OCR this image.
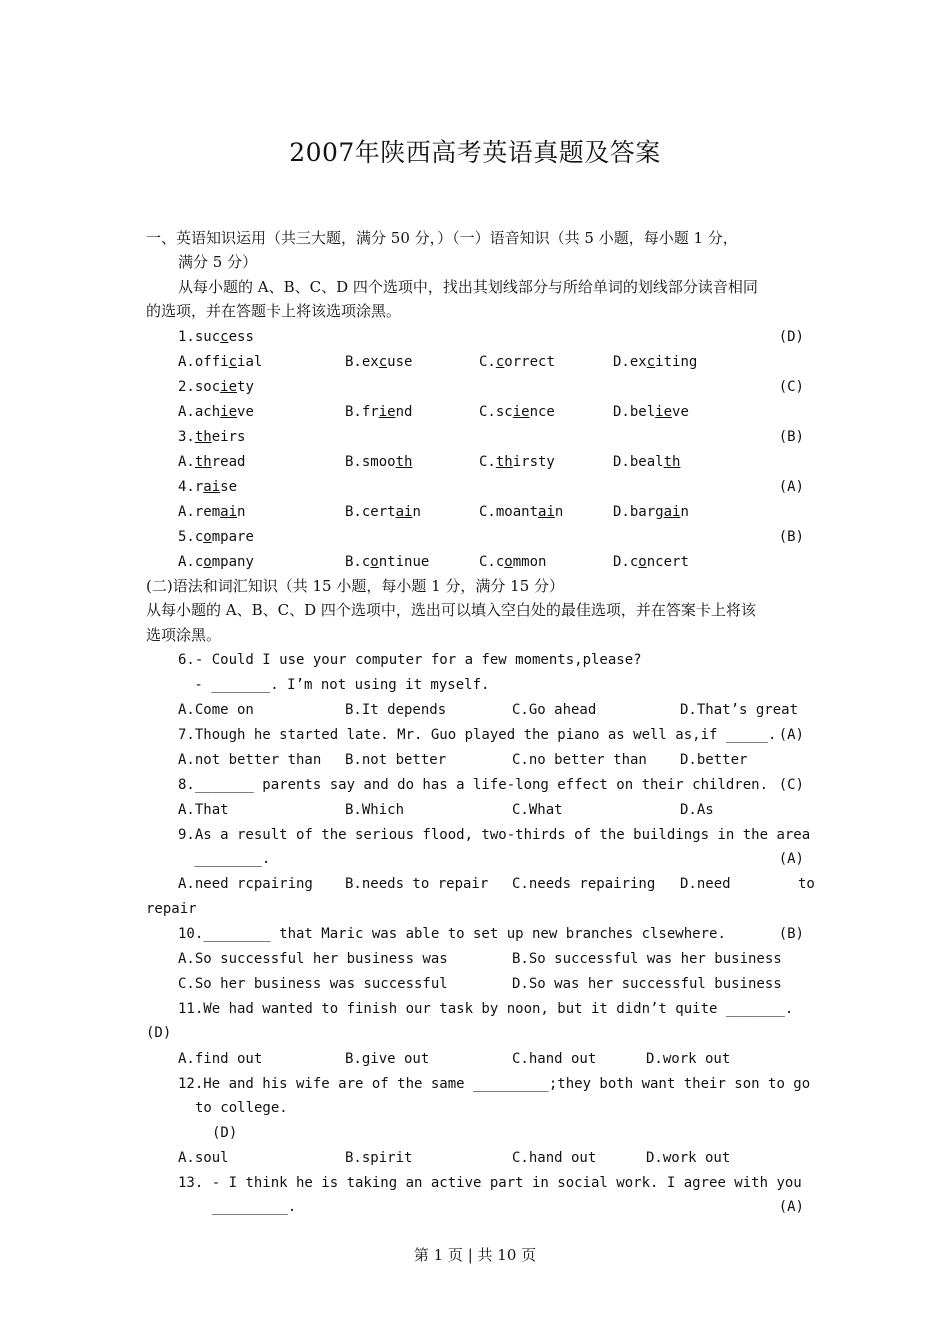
2007年陕西高考英语真题及答案
一、英语知识运用（共三大题，满分 50 分，）（一）语音知识（共 5 小题，每小题 1 分，
满分 5 分）
从每小题的 A、B、C、D 四个选项中，找出其划线部分与所给单词的划线部分读音相同
的选项，并在答题卡上将该选项涂黑。
1.success	(D)
A.official	B.excuse	C.correct	D.exciting
2.society	(C)
A.achieve	B.friend	C.science	D.believe
3.theirs	(B)
A.thread	B.smooth	C.thirsty	D.bealth
4.raise	(A)
A.remain	B.certain	C.moantain	D.bargain
5.compare	(B)
A.company	B.continue	C.common	D.concert
(二)语法和词汇知识（共 15 小题，每小题 1 分，满分 15 分）
从每小题的 A、B、C、D 四个选项中，选出可以填入空白处的最佳选项，并在答案卡上将该
选项涂黑。
6.- Could I use your computer for a few moments,please?
- _______. I’m not using it myself.
A.Come on	B.It depends	C.Go ahead	D.That’s great
7.Though he started late. Mr. Guo played the piano as well as,if _____. (A)
A.not better than B.not better	C.no better than D.better
8._______ parents say and do has a life-long effect on their children. (C)
A.That	B.Which	C.What	D.As
9.As a result of the serious flood, two-thirds of the buildings in the area
________.	(A)
A.need rcpairing B.needs to repair C.needs repairing D.need        to
repair
10.________ that Maric was able to set up new branches clsewhere.	(B)
A.So successful her business was	B.So successful was her business
C.So her business was successful	D.So was her successful business
11.We had wanted to finish our task by noon, but it didn’t quite _______.
(D)
A.find out	B.give out	C.hand out	D.work out
12.He and his wife are of the same _________;they both want their son to go
to college.
(D)
A.soul	B.spirit	C.hand out	D.work out
13. - I think he is taking an active part in social work. I agree with you
_________.	(A)
第 1 页 | 共 10 页
